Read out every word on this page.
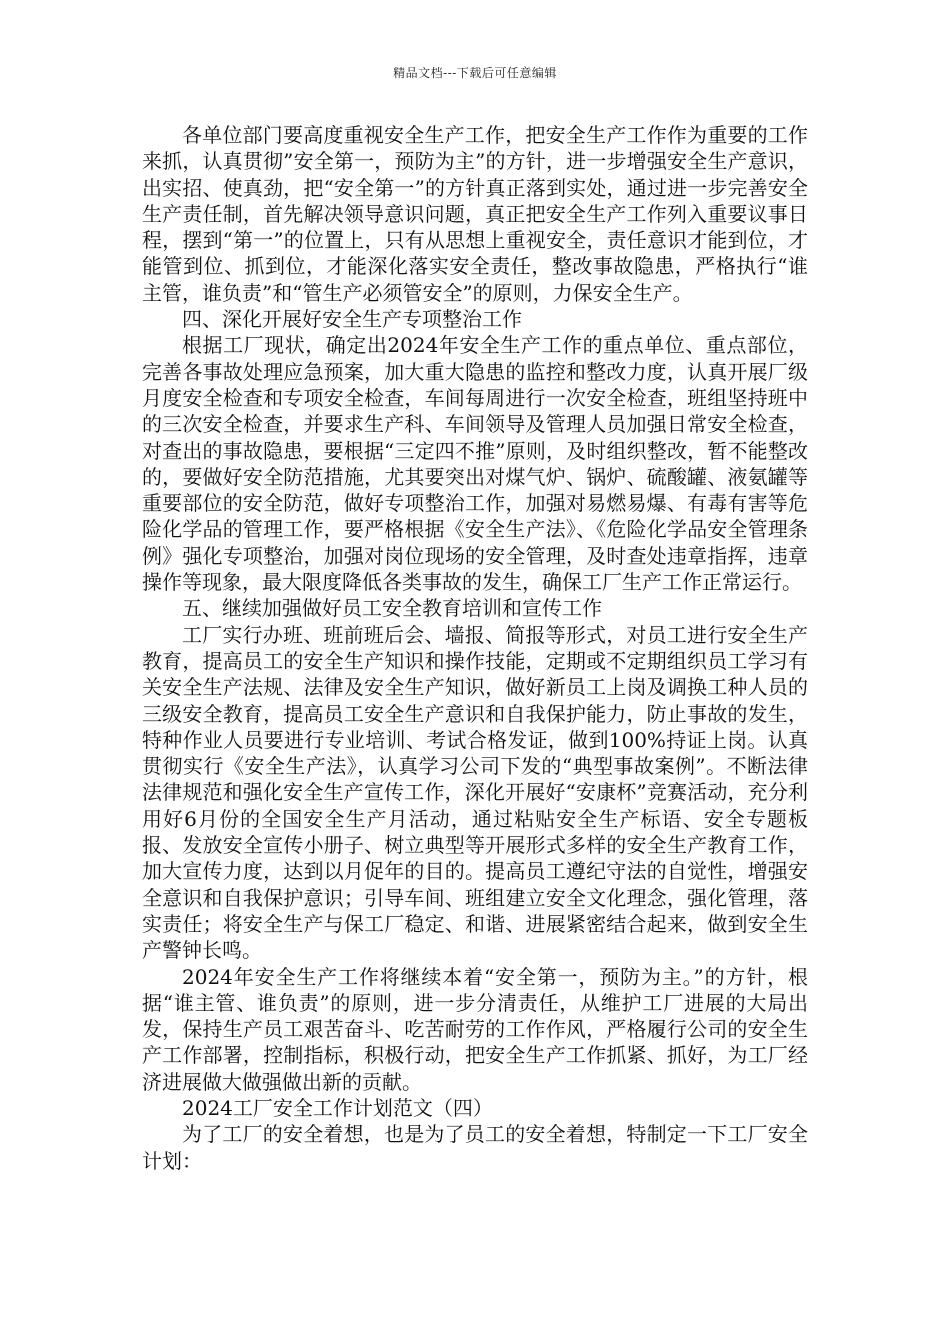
精品文档---下载后可任意编辑

各单位部门要高度重视安全生产工作，把安全生产工作作为重要的工作来抓，认真贯彻”安全第一，预防为主”的方针，进一步增强安全生产意识，出实招、使真劲，把“安全第一”的方针真正落到实处，通过进一步完善安全生产责任制，首先解决领导意识问题，真正把安全生产工作列入重要议事日程，摆到“第一”的位置上，只有从思想上重视安全，责任意识才能到位，才能管到位、抓到位，才能深化落实安全责任，整改事故隐患，严格执行“谁主管，谁负责”和“管生产必须管安全”的原则，力保安全生产。

四、深化开展好安全生产专项整治工作

根据工厂现状，确定出2024年安全生产工作的重点单位、重点部位，完善各事故处理应急预案，加大重大隐患的监控和整改力度，认真开展厂级月度安全检查和专项安全检查，车间每周进行一次安全检查，班组坚持班中的三次安全检查，并要求生产科、车间领导及管理人员加强日常安全检查，对查出的事故隐患，要根据“三定四不推”原则，及时组织整改，暂不能整改的，要做好安全防范措施，尤其要突出对煤气炉、锅炉、硫酸罐、液氨罐等重要部位的安全防范，做好专项整治工作，加强对易燃易爆、有毒有害等危险化学品的管理工作，要严格根据《安全生产法》、《危险化学品安全管理条例》强化专项整治，加强对岗位现场的安全管理，及时查处违章指挥，违章操作等现象，最大限度降低各类事故的发生，确保工厂生产工作正常运行。

五、继续加强做好员工安全教育培训和宣传工作

工厂实行办班、班前班后会、墙报、简报等形式，对员工进行安全生产教育，提高员工的安全生产知识和操作技能，定期或不定期组织员工学习有关安全生产法规、法律及安全生产知识，做好新员工上岗及调换工种人员的三级安全教育，提高员工安全生产意识和自我保护能力，防止事故的发生，特种作业人员要进行专业培训、考试合格发证，做到100%持证上岗。认真贯彻实行《安全生产法》，认真学习公司下发的“典型事故案例”。不断法律法律规范和强化安全生产宣传工作，深化开展好“安康杯”竞赛活动，充分利用好6月份的全国安全生产月活动，通过粘贴安全生产标语、安全专题板报、发放安全宣传小册子、树立典型等开展形式多样的安全生产教育工作，加大宣传力度，达到以月促年的目的。提高员工遵纪守法的自觉性，增强安全意识和自我保护意识；引导车间、班组建立安全文化理念，强化管理，落实责任；将安全生产与保工厂稳定、和谐、进展紧密结合起来，做到安全生产警钟长鸣。

2024年安全生产工作将继续本着“安全第一，预防为主。”的方针，根据“谁主管、谁负责”的原则，进一步分清责任，从维护工厂进展的大局出发，保持生产员工艰苦奋斗、吃苦耐劳的工作作风，严格履行公司的安全生产工作部署，控制指标，积极行动，把安全生产工作抓紧、抓好，为工厂经济进展做大做强做出新的贡献。

2024工厂安全工作计划范文（四）

为了工厂的安全着想，也是为了员工的安全着想，特制定一下工厂安全计划：
